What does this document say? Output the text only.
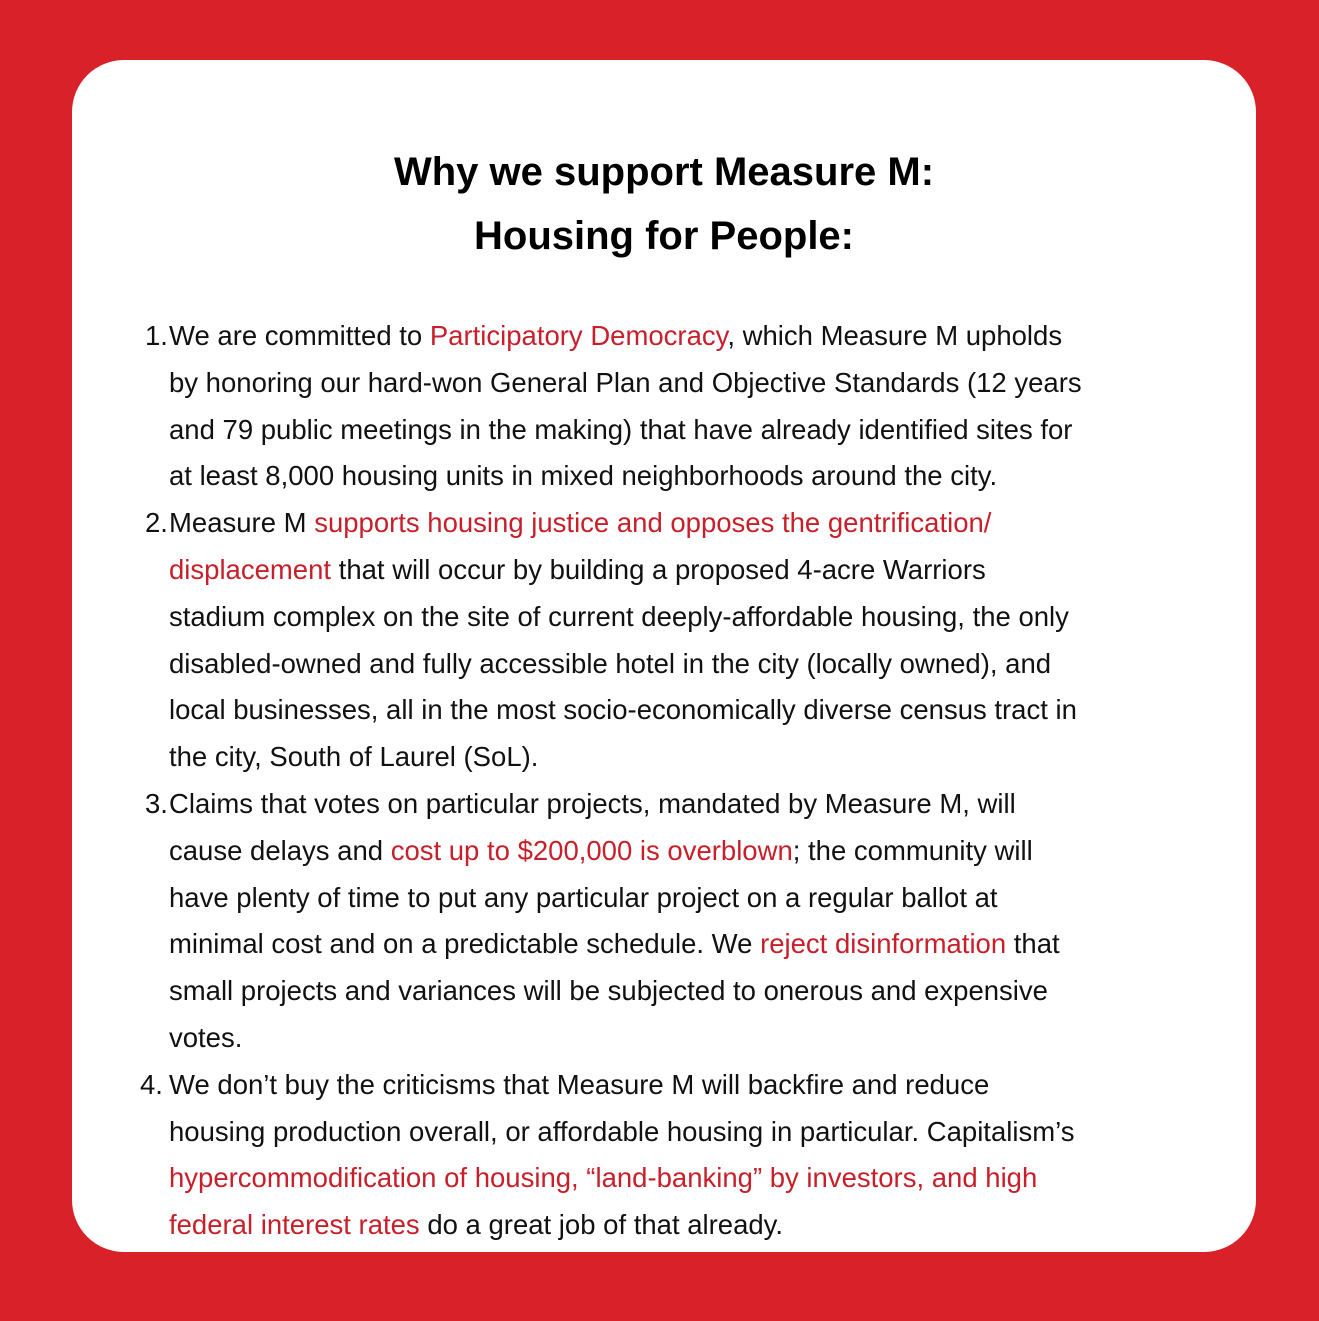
Why we support Measure M:
Housing for People:
1. We are committed to Participatory Democracy, which Measure M upholds
by honoring our hard-won General Plan and Objective Standards (12 years
and 79 public meetings in the making) that have already identified sites for
at least 8,000 housing units in mixed neighborhoods around the city.
2. Measure M supports housing justice and opposes the gentrification/
displacement that will occur by building a proposed 4-acre Warriors
stadium complex on the site of current deeply-affordable housing, the only
disabled-owned and fully accessible hotel in the city (locally owned), and
local businesses, all in the most socio-economically diverse census tract in
the city, South of Laurel (SoL).
3. Claims that votes on particular projects, mandated by Measure M, will
cause delays and cost up to $200,000 is overblown; the community will
have plenty of time to put any particular project on a regular ballot at
minimal cost and on a predictable schedule. We reject disinformation that
small projects and variances will be subjected to onerous and expensive
votes.
4. We don’t buy the criticisms that Measure M will backfire and reduce
housing production overall, or affordable housing in particular. Capitalism’s
hypercommodification of housing, “land-banking” by investors, and high
federal interest rates do a great job of that already.
